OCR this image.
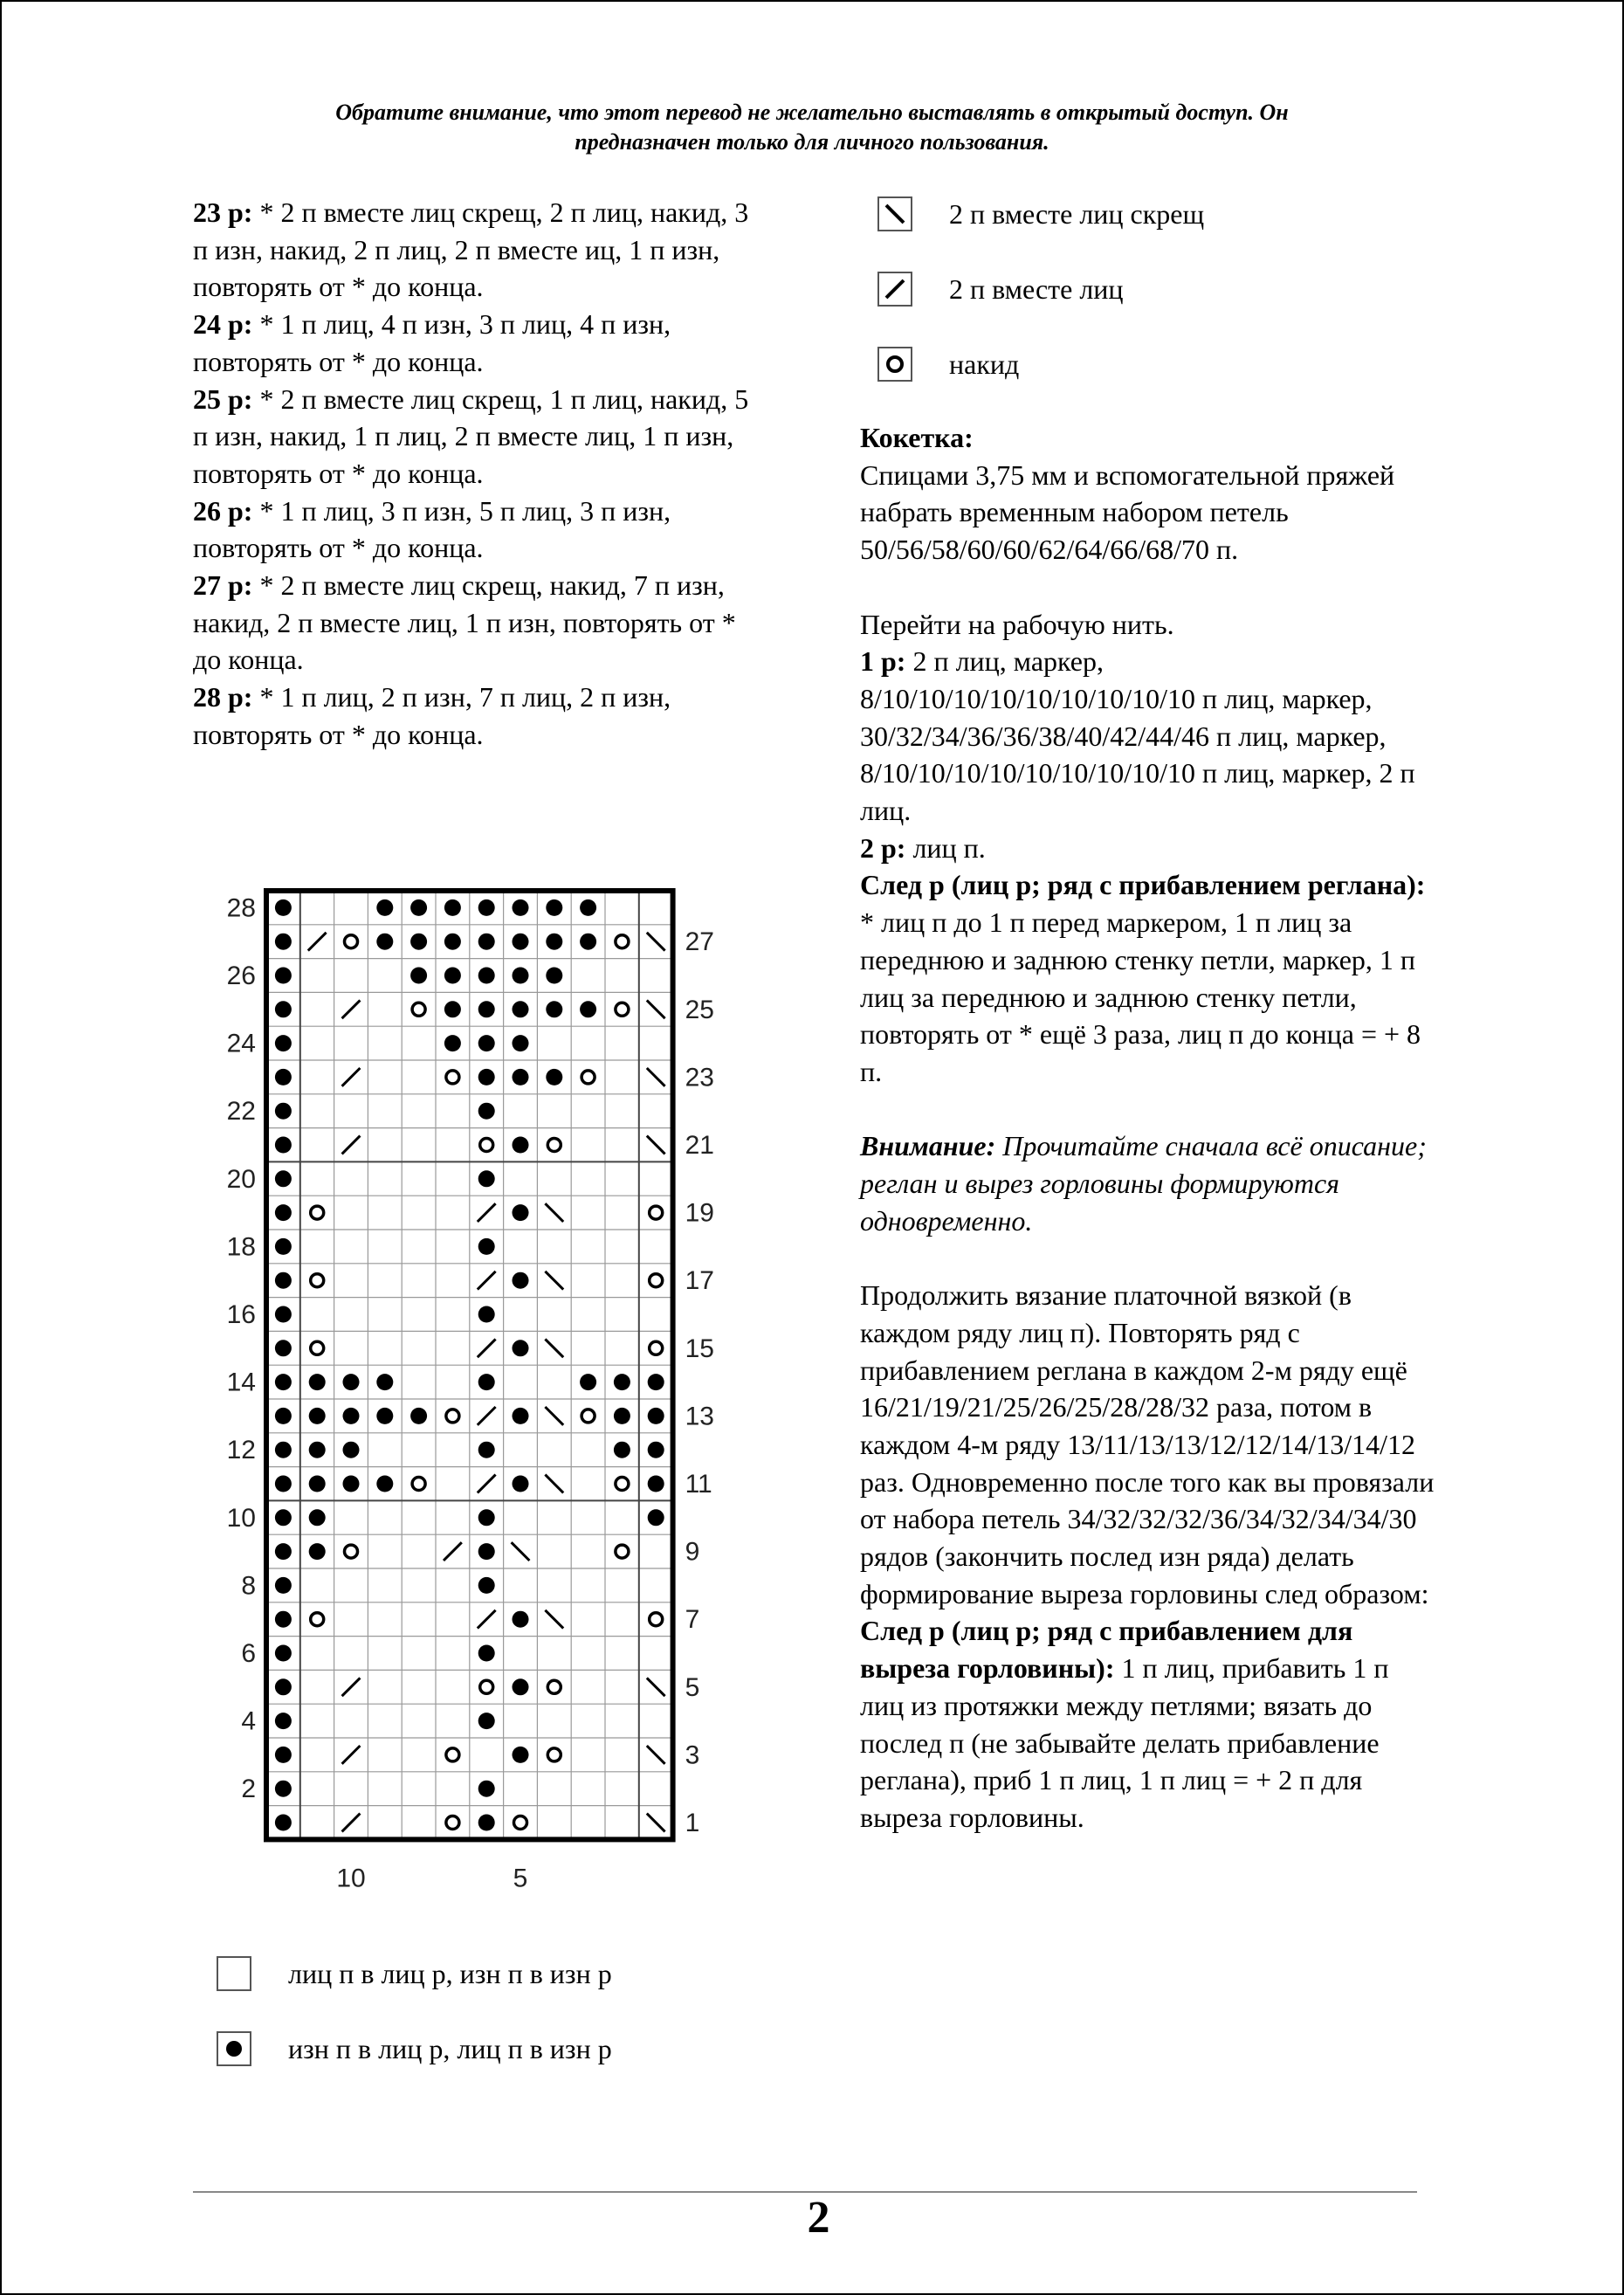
Обратите внимание, что этот перевод не желательно выставлять в открытый доступ. Он
предназначен только для личного пользования.

23 р: * 2 п вместе лиц скрещ, 2 п лиц, накид, 3 п изн, накид, 2 п лиц, 2 п вместе иц, 1 п изн, повторять от * до конца.

24 р: * 1 п лиц, 4 п изн, 3 п лиц, 4 п изн, повторять от * до конца.

25 р: * 2 п вместе лиц скрещ, 1 п лиц, накид, 5 п изн, накид, 1 п лиц, 2 п вместе лиц, 1 п изн, повторять от * до конца.

26 р: * 1 п лиц, 3 п изн, 5 п лиц, 3 п изн, повторять от * до конца.

27 р: * 2 п вместе лиц скрещ, накид, 7 п изн, накид, 2 п вместе лиц, 1 п изн, повторять от * до конца.

28 р: * 1 п лиц, 2 п изн, 7 п лиц, 2 п изн, повторять от * до конца.

2 п вместе лиц скрещ
2 п вместе лиц
накид

Кокетка:

Спицами 3,75 мм и вспомогательной пряжей набрать временным набором петель 50/56/58/60/60/62/64/66/68/70 п.

Перейти на рабочую нить.

1 р: 2 п лиц, маркер, 8/10/10/10/10/10/10/10/10/10 п лиц, маркер, 30/32/34/36/36/38/40/42/44/46 п лиц, маркер, 8/10/10/10/10/10/10/10/10/10 п лиц, маркер, 2 п лиц.

2 р: лиц п.

След р (лиц р; ряд с прибавлением реглана): * лиц п до 1 п перед маркером, 1 п лиц за переднюю и заднюю стенку петли, маркер, 1 п лиц за переднюю и заднюю стенку петли, повторять от * ещё 3 раза, лиц п до конца = + 8 п.

Внимание: Прочитайте сначала всё описание; реглан и вырез горловины формируются одновременно.

Продолжить вязание платочной вязкой (в каждом ряду лиц п). Повторять ряд с прибавлением реглана в каждом 2-м ряду ещё 16/21/19/21/25/26/25/28/28/32 раза, потом в каждом 4-м ряду 13/11/13/13/12/12/14/13/14/12 раз. Одновременно после того как вы провязали от набора петель 34/32/32/32/36/34/32/34/34/30 рядов (закончить послед изн ряда) делать формирование выреза горловины след образом:

След р (лиц р; ряд с прибавлением для выреза горловины): 1 п лиц, прибавить 1 п лиц из протяжки между петлями; вязать до послед п (не забывайте делать прибавление реглана), приб 1 п лиц, 1 п лиц = + 2 п для выреза горловины.

2
4
6
8
10
12
14
16
18
20
22
24
26
28
1
3
5
7
9
11
13
15
17
19
21
23
25
27
10	5
лиц п в лиц р, изн п в изн р
изн п в лиц р, лиц п в изн р
2
